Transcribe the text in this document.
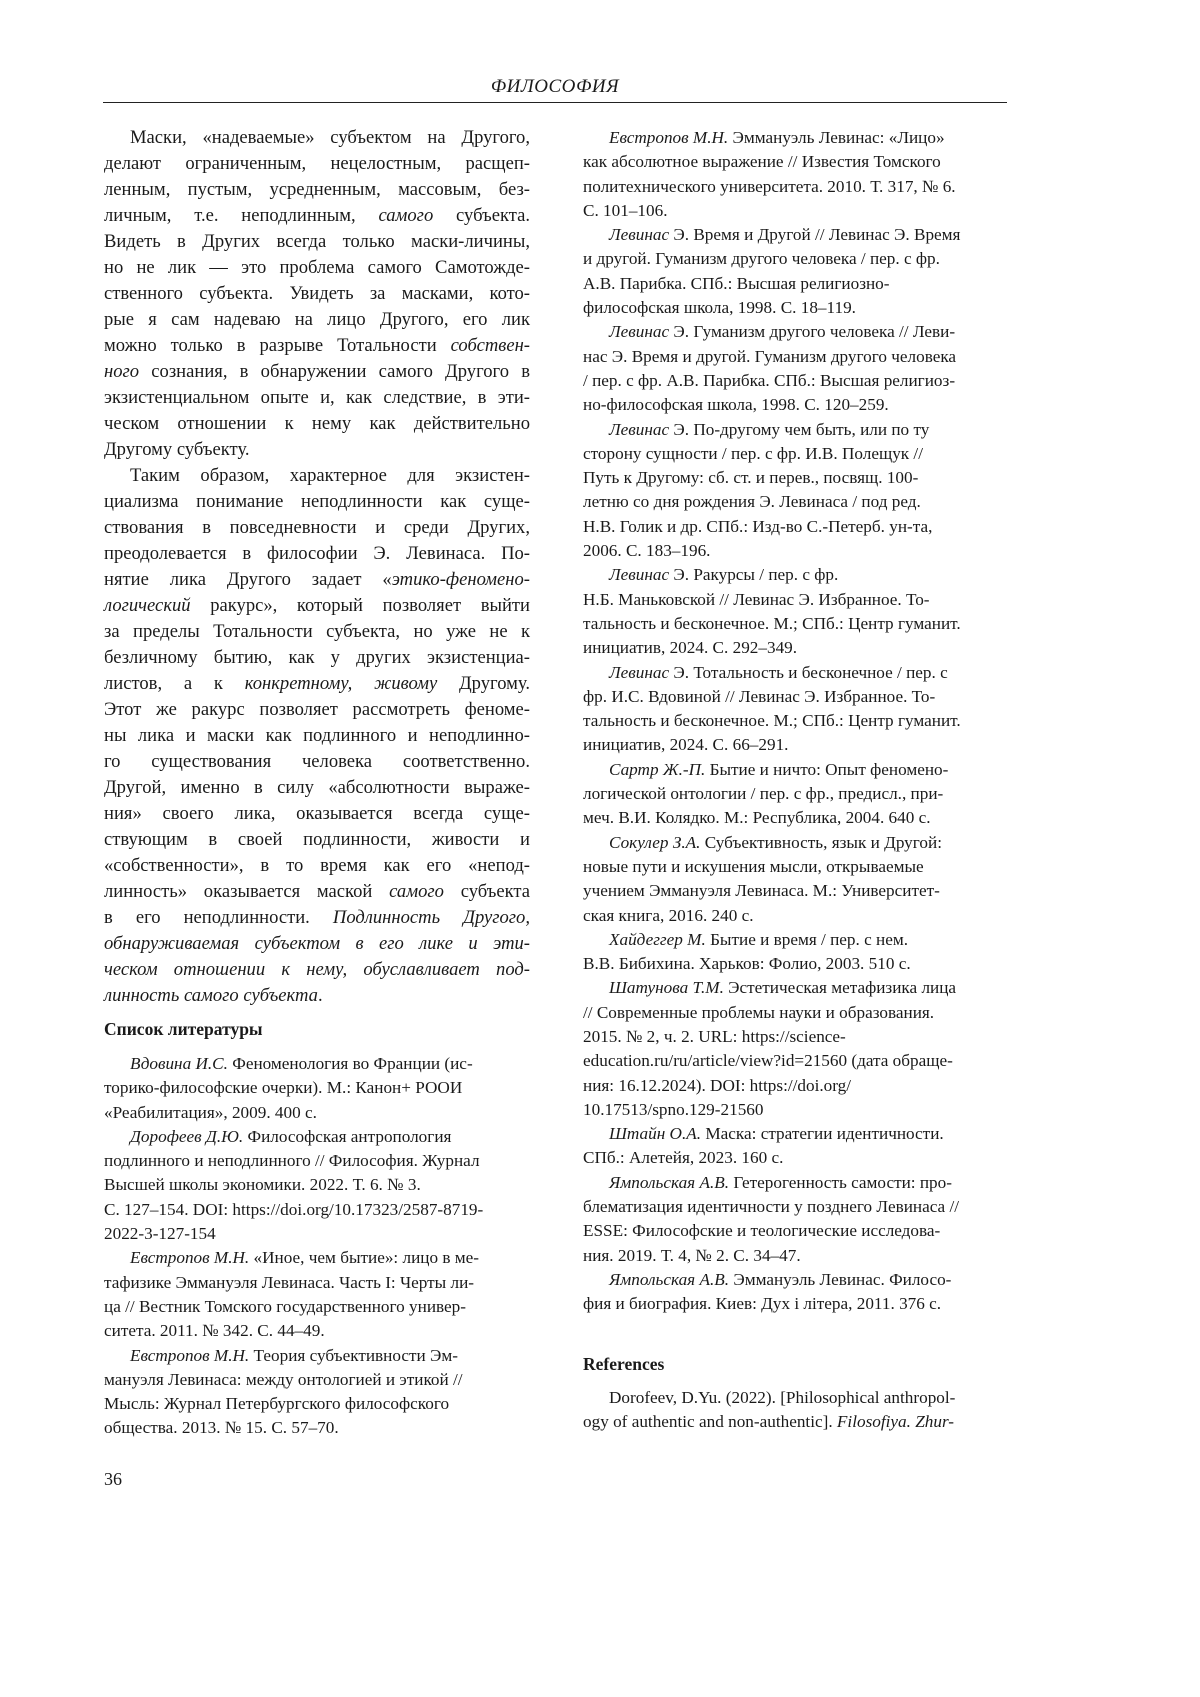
ФИЛОСОФИЯ
Маски, «надеваемые» субъектом на Другого,
делают ограниченным, нецелостным, расщеп-
ленным, пустым, усредненным, массовым, без-
личным, т.е. неподлинным, самого субъекта.
Видеть в Других всегда только маски-личины,
но не лик — это проблема самого Самотожде-
ственного субъекта. Увидеть за масками, кото-
рые я сам надеваю на лицо Другого, его лик
можно только в разрыве Тотальности собствен-
ного сознания, в обнаружении самого Другого в
экзистенциальном опыте и, как следствие, в эти-
ческом отношении к нему как действительно
Другому субъекту.
Таким образом, характерное для экзистен-
циализма понимание неподлинности как суще-
ствования в повседневности и среди Других,
преодолевается в философии Э. Левинаса. По-
нятие лика Другого задает «этико-феномено-
логический ракурс», который позволяет выйти
за пределы Тотальности субъекта, но уже не к
безличному бытию, как у других экзистенциа-
листов, а к конкретному, живому Другому.
Этот же ракурс позволяет рассмотреть феноме-
ны лика и маски как подлинного и неподлинно-
го существования человека соответственно.
Другой, именно в силу «абсолютности выраже-
ния» своего лика, оказывается всегда суще-
ствующим в своей подлинности, живости и
«собственности», в то время как его «непод-
линность» оказывается маской самого субъекта
в его неподлинности. Подлинность Другого,
обнаруживаемая субъектом в его лике и эти-
ческом отношении к нему, обуславливает под-
линность самого субъекта.
Список литературы
Вдовина И.С. Феноменология во Франции (ис-
торико-философские очерки). М.: Канон+ РООИ
«Реабилитация», 2009. 400 с.
Дорофеев Д.Ю. Философская антропология
подлинного и неподлинного // Философия. Журнал
Высшей школы экономики. 2022. Т. 6. № 3.
С. 127–154. DOI: https://doi.org/10.17323/2587-8719-
2022-3-127-154
Евстропов М.Н. «Иное, чем бытие»: лицо в ме-
тафизике Эммануэля Левинаса. Часть I: Черты ли-
ца // Вестник Томского государственного универ-
ситета. 2011. № 342. С. 44–49.
Евстропов М.Н. Теория субъективности Эм-
мануэля Левинаса: между онтологией и этикой //
Мысль: Журнал Петербургского философского
общества. 2013. № 15. С. 57–70.
Евстропов М.Н. Эммануэль Левинас: «Лицо»
как абсолютное выражение // Известия Томского
политехнического университета. 2010. Т. 317, № 6.
С. 101–106.
Левинас Э. Время и Другой // Левинас Э. Время
и другой. Гуманизм другого человека / пер. с фр.
А.В. Парибка. СПб.: Высшая религиозно-
философская школа, 1998. С. 18–119.
Левинас Э. Гуманизм другого человека // Леви-
нас Э. Время и другой. Гуманизм другого человека
/ пер. с фр. А.В. Парибка. СПб.: Высшая религиоз-
но-философская школа, 1998. С. 120–259.
Левинас Э. По-другому чем быть, или по ту
сторону сущности / пер. с фр. И.В. Полещук //
Путь к Другому: сб. ст. и перев., посвящ. 100-
летню со дня рождения Э. Левинаса / под ред.
Н.В. Голик и др. СПб.: Изд-во С.-Петерб. ун-та,
2006. С. 183–196.
Левинас Э. Ракурсы / пер. с фр.
Н.Б. Маньковской // Левинас Э. Избранное. То-
тальность и бесконечное. М.; СПб.: Центр гуманит.
инициатив, 2024. С. 292–349.
Левинас Э. Тотальность и бесконечное / пер. с
фр. И.С. Вдовиной // Левинас Э. Избранное. То-
тальность и бесконечное. М.; СПб.: Центр гуманит.
инициатив, 2024. С. 66–291.
Сартр Ж.-П. Бытие и ничто: Опыт феномено-
логической онтологии / пер. с фр., предисл., при-
меч. В.И. Колядко. М.: Республика, 2004. 640 с.
Сокулер З.А. Субъективность, язык и Другой:
новые пути и искушения мысли, открываемые
учением Эммануэля Левинаса. М.: Университет-
ская книга, 2016. 240 с.
Хайдеггер М. Бытие и время / пер. с нем.
В.В. Бибихина. Харьков: Фолио, 2003. 510 с.
Шатунова Т.М. Эстетическая метафизика лица
// Современные проблемы науки и образования.
2015. № 2, ч. 2. URL: https://science-
education.ru/ru/article/view?id=21560 (дата обраще-
ния: 16.12.2024). DOI: https://doi.org/
10.17513/spno.129-21560
Штайн О.А. Маска: стратегии идентичности.
СПб.: Алетейя, 2023. 160 с.
Ямпольская А.В. Гетерогенность самости: про-
блематизация идентичности у позднего Левинаса //
ESSE: Философские и теологические исследова-
ния. 2019. Т. 4, № 2. С. 34–47.
Ямпольская А.В. Эммануэль Левинас. Филосо-
фия и биография. Киев: Дух і літера, 2011. 376 с.
References
Dorofeev, D.Yu. (2022). [Philosophical anthropol-
ogy of authentic and non-authentic]. Filosofiya. Zhur-
36
